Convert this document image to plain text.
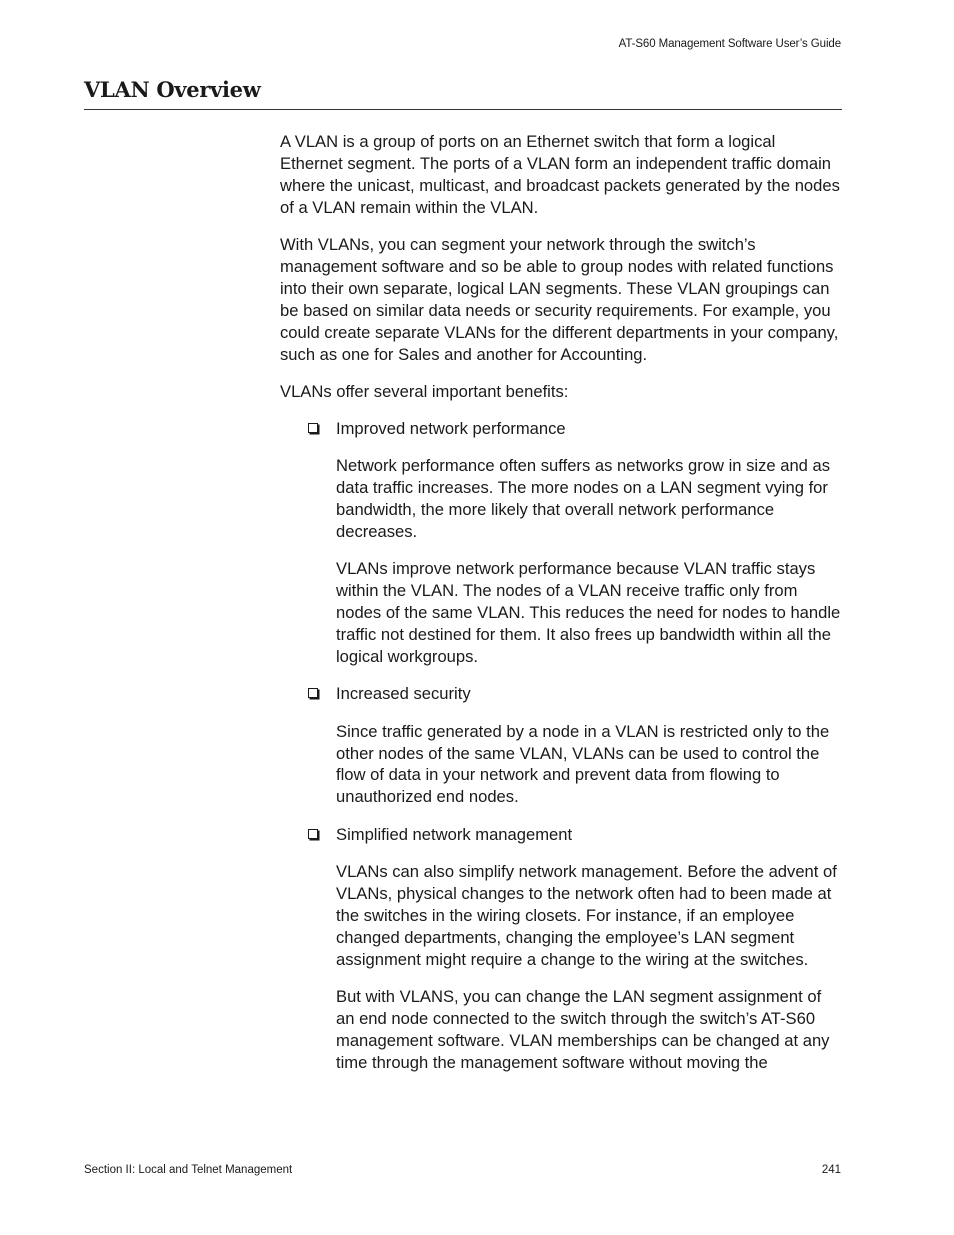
AT-S60 Management Software User’s Guide
VLAN Overview

A VLAN is a group of ports on an Ethernet switch that form a logical Ethernet segment. The ports of a VLAN form an independent traffic domain where the unicast, multicast, and broadcast packets generated by the nodes of a VLAN remain within the VLAN.

With VLANs, you can segment your network through the switch’s management software and so be able to group nodes with related functions into their own separate, logical LAN segments. These VLAN groupings can be based on similar data needs or security requirements. For example, you could create separate VLANs for the different departments in your company, such as one for Sales and another for Accounting.

VLANs offer several important benefits:

Improved network performance

Network performance often suffers as networks grow in size and as data traffic increases. The more nodes on a LAN segment vying for bandwidth, the more likely that overall network performance decreases.

VLANs improve network performance because VLAN traffic stays within the VLAN. The nodes of a VLAN receive traffic only from nodes of the same VLAN. This reduces the need for nodes to handle traffic not destined for them. It also frees up bandwidth within all the logical workgroups.

Increased security

Since traffic generated by a node in a VLAN is restricted only to the other nodes of the same VLAN, VLANs can be used to control the flow of data in your network and prevent data from flowing to unauthorized end nodes.

Simplified network management

VLANs can also simplify network management. Before the advent of VLANs, physical changes to the network often had to been made at the switches in the wiring closets. For instance, if an employee changed departments, changing the employee’s LAN segment assignment might require a change to the wiring at the switches.

But with VLANS, you can change the LAN segment assignment of an end node connected to the switch through the switch’s AT-S60 management software. VLAN memberships can be changed at any time through the management software without moving the

Section II: Local and Telnet Management	241
